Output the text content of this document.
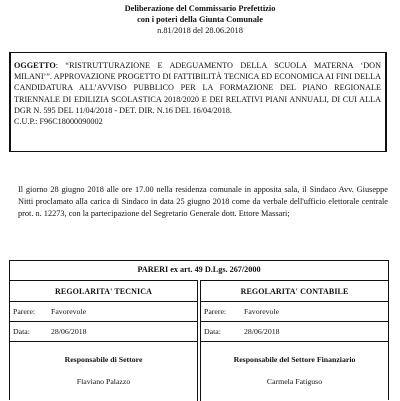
Deliberazione del Commissario Prefettizio
con i poteri della Giunta Comunale
n.81/2018 del 28.06.2018
OGGETTO: “RISTRUTTURAZIONE E ADEGUAMENTO DELLA SCUOLA MATERNA ‘DON MILANI’”. APPROVAZIONE PROGETTO DI FATTIBILITÀ TECNICA ED ECONOMICA AI FINI DELLA CANDIDATURA ALL’AVVISO PUBBLICO PER LA FORMAZIONE DEL PIANO REGIONALE TRIENNALE DI EDILIZIA SCOLASTICA 2018/2020 E DEI RELATIVI PIANI ANNUALI, DI CUI ALLA DGR N. 595 DEL 11/04/2018 - DET. DIR. N.16 DEL 16/04/2018.
C.U.P.: F96C18000090002
Il giorno 28 giugno 2018 alle ore 17.00 nella residenza comunale in apposita sala, il Sindaco Avv. Giuseppe Nitti proclamato alla carica di Sindaco in data 25 giugno 2018 come da verbale dell'ufficio elettorale centrale prot. n. 12273, con la partecipazione del Segretario Generale dott. Ettore Massari;
PARERI ex art. 49 D.Lgs. 267/2000
REGOLARITA' TECNICA
Parere: Favorevole
Data:	28/06/2018
Responsabile di Settore
Flaviano Palazzo
REGOLARITA' CONTABILE
Parere: Favorevole
Data:	28/06/2018
Responsabile del Settore Finanziario
Carmela Fatiguso
